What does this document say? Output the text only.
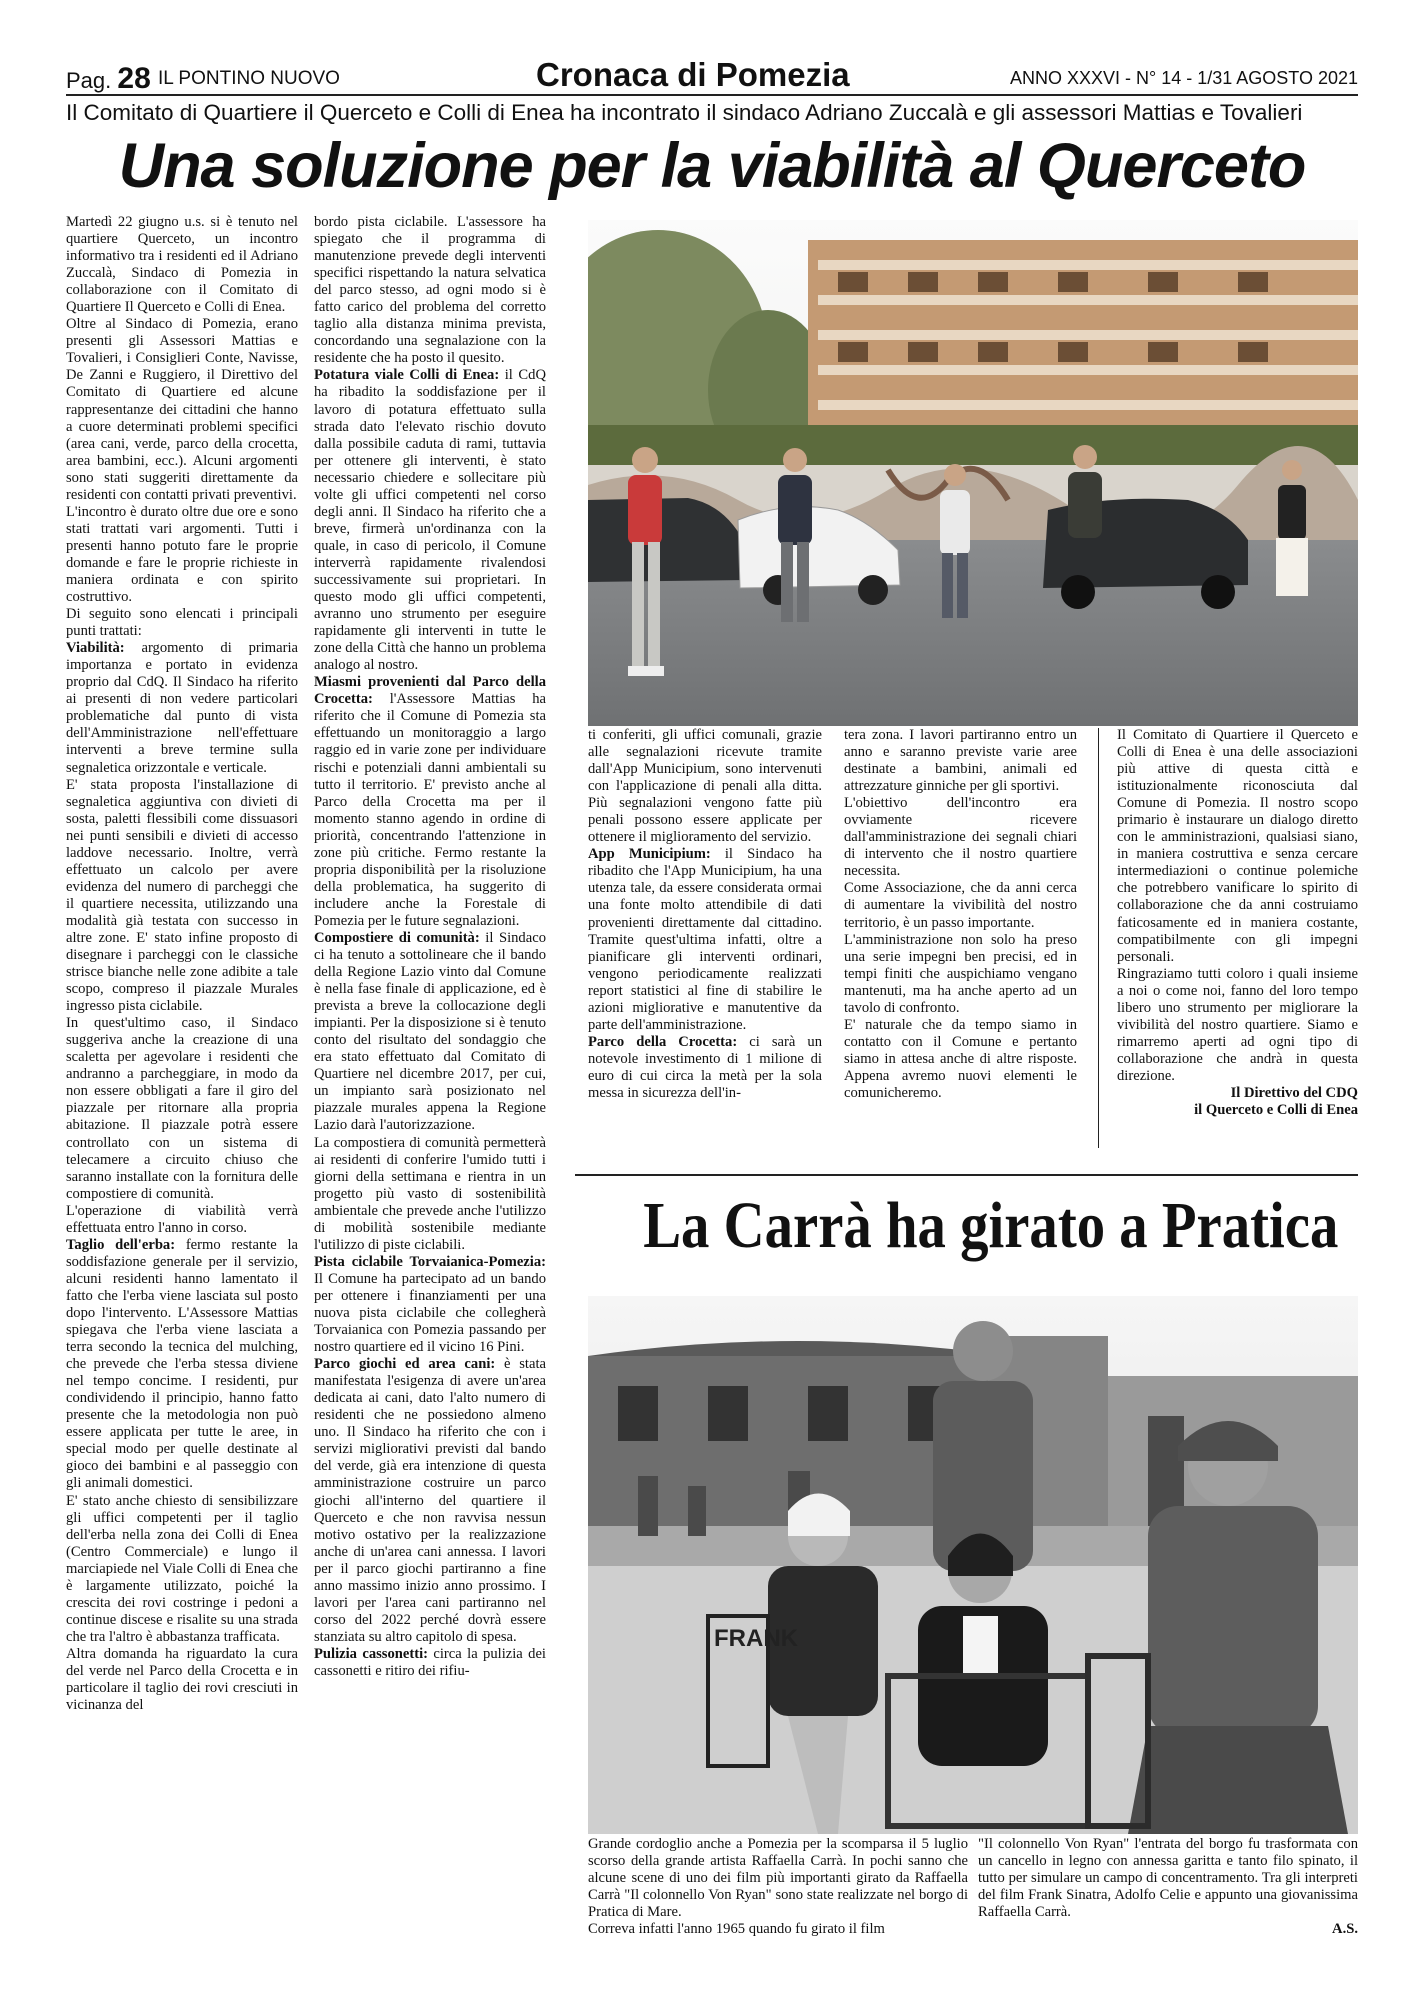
Pag. 28 IL PONTINO NUOVO	Cronaca di Pomezia	ANNO XXXVI - N° 14 - 1/31 AGOSTO 2021
Il Comitato di Quartiere il Querceto e Colli di Enea ha incontrato il sindaco Adriano Zuccalà e gli assessori Mattias e Tovalieri
Una soluzione per la viabilità al Querceto

Martedì 22 giugno u.s. si è tenuto nel quartiere Querceto, un incontro informativo tra i residenti ed il Adriano Zuccalà, Sindaco di Pomezia in collaborazione con il Comitato di Quartiere Il Querceto e Colli di Enea.

Oltre al Sindaco di Pomezia, erano presenti gli Assessori Mattias e Tovalieri, i Consiglieri Conte, Navisse, De Zanni e Ruggiero, il Direttivo del Comitato di Quartiere ed alcune rappresentanze dei cittadini che hanno a cuore determinati problemi specifici (area cani, verde, parco della crocetta, area bambini, ecc.). Alcuni argomenti sono stati suggeriti direttamente da residenti con contatti privati preventivi.

L'incontro è durato oltre due ore e sono stati trattati vari argomenti. Tutti i presenti hanno potuto fare le proprie domande e fare le proprie richieste in maniera ordinata e con spirito costruttivo.

Di seguito sono elencati i principali punti trattati:

Viabilità: argomento di primaria importanza e portato in evidenza proprio dal CdQ. Il Sindaco ha riferito ai presenti di non vedere particolari problematiche dal punto di vista dell'Amministrazione nell'effettuare interventi a breve termine sulla segnaletica orizzontale e verticale.

E' stata proposta l'installazione di segnaletica aggiuntiva con divieti di sosta, paletti flessibili come dissuasori nei punti sensibili e divieti di accesso laddove necessario. Inoltre, verrà effettuato un calcolo per avere evidenza del numero di parcheggi che il quartiere necessita, utilizzando una modalità già testata con successo in altre zone. E' stato infine proposto di disegnare i parcheggi con le classiche strisce bianche nelle zone adibite a tale scopo, compreso il piazzale Murales ingresso pista ciclabile.

In quest'ultimo caso, il Sindaco suggeriva anche la creazione di una scaletta per agevolare i residenti che andranno a parcheggiare, in modo da non essere obbligati a fare il giro del piazzale per ritornare alla propria abitazione. Il piazzale potrà essere controllato con un sistema di telecamere a circuito chiuso che saranno installate con la fornitura delle compostiere di comunità.

L'operazione di viabilità verrà effettuata entro l'anno in corso.

Taglio dell'erba: fermo restante la soddisfazione generale per il servizio, alcuni residenti hanno lamentato il fatto che l'erba viene lasciata sul posto dopo l'intervento. L'Assessore Mattias spiegava che l'erba viene lasciata a terra secondo la tecnica del mulching, che prevede che l'erba stessa diviene nel tempo concime. I residenti, pur condividendo il principio, hanno fatto presente che la metodologia non può essere applicata per tutte le aree, in special modo per quelle destinate al gioco dei bambini e al passeggio con gli animali domestici.

E' stato anche chiesto di sensibilizzare gli uffici competenti per il taglio dell'erba nella zona dei Colli di Enea (Centro Commerciale) e lungo il marciapiede nel Viale Colli di Enea che è largamente utilizzato, poiché la crescita dei rovi costringe i pedoni a continue discese e risalite su una strada che tra l'altro è abbastanza trafficata.

Altra domanda ha riguardato la cura del verde nel Parco della Crocetta e in particolare il taglio dei rovi cresciuti in vicinanza del

bordo pista ciclabile. L'assessore ha spiegato che il programma di manutenzione prevede degli interventi specifici rispettando la natura selvatica del parco stesso, ad ogni modo si è fatto carico del problema del corretto taglio alla distanza minima prevista, concordando una segnalazione con la residente che ha posto il quesito.

Potatura viale Colli di Enea: il CdQ ha ribadito la soddisfazione per il lavoro di potatura effettuato sulla strada dato l'elevato rischio dovuto dalla possibile caduta di rami, tuttavia per ottenere gli interventi, è stato necessario chiedere e sollecitare più volte gli uffici competenti nel corso degli anni. Il Sindaco ha riferito che a breve, firmerà un'ordinanza con la quale, in caso di pericolo, il Comune interverrà rapidamente rivalendosi successivamente sui proprietari. In questo modo gli uffici competenti, avranno uno strumento per eseguire rapidamente gli interventi in tutte le zone della Città che hanno un problema analogo al nostro.

Miasmi provenienti dal Parco della Crocetta: l'Assessore Mattias ha riferito che il Comune di Pomezia sta effettuando un monitoraggio a largo raggio ed in varie zone per individuare rischi e potenziali danni ambientali su tutto il territorio. E' previsto anche al Parco della Crocetta ma per il momento stanno agendo in ordine di priorità, concentrando l'attenzione in zone più critiche. Fermo restante la propria disponibilità per la risoluzione della problematica, ha suggerito di includere anche la Forestale di Pomezia per le future segnalazioni.

Compostiere di comunità: il Sindaco ci ha tenuto a sottolineare che il bando della Regione Lazio vinto dal Comune è nella fase finale di applicazione, ed è prevista a breve la collocazione degli impianti. Per la disposizione si è tenuto conto del risultato del sondaggio che era stato effettuato dal Comitato di Quartiere nel dicembre 2017, per cui, un impianto sarà posizionato nel piazzale murales appena la Regione Lazio darà l'autorizzazione.

La compostiera di comunità permetterà ai residenti di conferire l'umido tutti i giorni della settimana e rientra in un progetto più vasto di sostenibilità ambientale che prevede anche l'utilizzo di mobilità sostenibile mediante l'utilizzo di piste ciclabili.

Pista ciclabile Torvaianica-Pomezia: Il Comune ha partecipato ad un bando per ottenere i finanziamenti per una nuova pista ciclabile che collegherà Torvaianica con Pomezia passando per nostro quartiere ed il vicino 16 Pini.

Parco giochi ed area cani: è stata manifestata l'esigenza di avere un'area dedicata ai cani, dato l'alto numero di residenti che ne possiedono almeno uno. Il Sindaco ha riferito che con i servizi migliorativi previsti dal bando del verde, già era intenzione di questa amministrazione costruire un parco giochi all'interno del quartiere il Querceto e che non ravvisa nessun motivo ostativo per la realizzazione anche di un'area cani annessa. I lavori per il parco giochi partiranno a fine anno massimo inizio anno prossimo. I lavori per l'area cani partiranno nel corso del 2022 perché dovrà essere stanziata su altro capitolo di spesa.

Pulizia cassonetti: circa la pulizia dei cassonetti e ritiro dei rifiu-

ti conferiti, gli uffici comunali, grazie alle segnalazioni ricevute tramite dall'App Municipium, sono intervenuti con l'applicazione di penali alla ditta. Più segnalazioni vengono fatte più penali possono essere applicate per ottenere il miglioramento del servizio.

App Municipium: il Sindaco ha ribadito che l'App Municipium, ha una utenza tale, da essere considerata ormai una fonte molto attendibile di dati provenienti direttamente dal cittadino. Tramite quest'ultima infatti, oltre a pianificare gli interventi ordinari, vengono periodicamente realizzati report statistici al fine di stabilire le azioni migliorative e manutentive da parte dell'amministrazione.

Parco della Crocetta: ci sarà un notevole investimento di 1 milione di euro di cui circa la metà per la sola messa in sicurezza dell'in-

tera zona. I lavori partiranno entro un anno e saranno previste varie aree destinate a bambini, animali ed attrezzature ginniche per gli sportivi.

L'obiettivo dell'incontro era ovviamente ricevere dall'amministrazione dei segnali chiari di intervento che il nostro quartiere necessita.

Come Associazione, che da anni cerca di aumentare la vivibilità del nostro territorio, è un passo importante.

L'amministrazione non solo ha preso una serie impegni ben precisi, ed in tempi finiti che auspichiamo vengano mantenuti, ma ha anche aperto ad un tavolo di confronto.

E' naturale che da tempo siamo in contatto con il Comune e pertanto siamo in attesa anche di altre risposte. Appena avremo nuovi elementi le comunicheremo.

Il Comitato di Quartiere il Querceto e Colli di Enea è una delle associazioni più attive di questa città e istituzionalmente riconosciuta dal Comune di Pomezia. Il nostro scopo primario è instaurare un dialogo diretto con le amministrazioni, qualsiasi siano, in maniera costruttiva e senza cercare intermediazioni o continue polemiche che potrebbero vanificare lo spirito di collaborazione che da anni costruiamo faticosamente ed in maniera costante, compatibilmente con gli impegni personali.

Ringraziamo tutti coloro i quali insieme a noi o come noi, fanno del loro tempo libero uno strumento per migliorare la vivibilità del nostro quartiere. Siamo e rimarremo aperti ad ogni tipo di collaborazione che andrà in questa direzione.

Il Direttivo del CDQ

il Querceto e Colli di Enea

La Carrà ha girato a Pratica
FRANK

Grande cordoglio anche a Pomezia per la scomparsa il 5 luglio scorso della grande artista Raffaella Carrà. In pochi sanno che alcune scene di uno dei film più importanti girato da Raffaella Carrà "Il colonnello Von Ryan" sono state realizzate nel borgo di Pratica di Mare.

Correva infatti l'anno 1965 quando fu girato il film

"Il colonnello Von Ryan" l'entrata del borgo fu trasformata con un cancello in legno con annessa garitta e tanto filo spinato, il tutto per simulare un campo di concentramento. Tra gli interpreti del film Frank Sinatra, Adolfo Celie e appunto una giovanissima Raffaella Carrà.

A.S.
